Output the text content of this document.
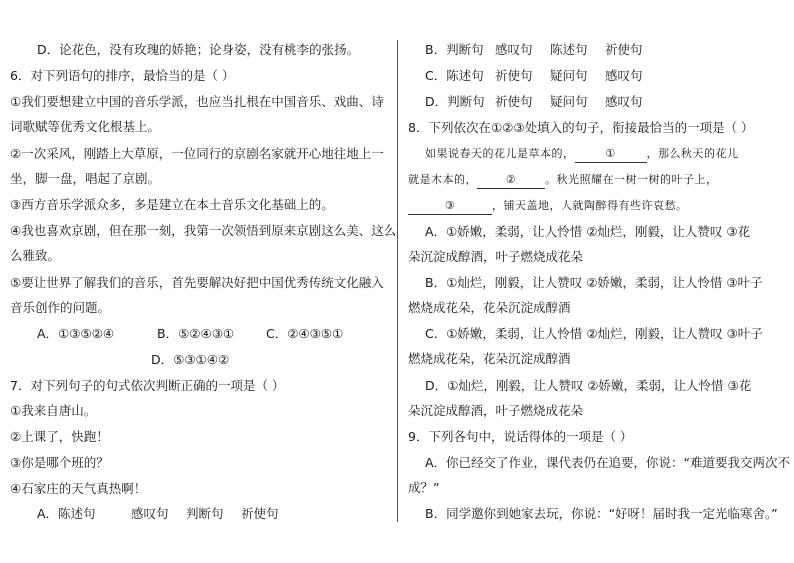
D．论花色，没有玫瑰的娇艳；论身姿，没有桃李的张扬。
6．对下列语句的排序，最恰当的是（ ）
①我们要想建立中国的音乐学派，也应当扎根在中国音乐、戏曲、诗
词歌赋等优秀文化根基上。
②一次采风，刚踏上大草原，一位同行的京剧名家就开心地往地上一
坐，脚一盘，唱起了京剧。
③西方音乐学派众多，多是建立在本土音乐文化基础上的。
④我也喜欢京剧，但在那一刻，我第一次领悟到原来京剧这么美、这么
么雅致。
⑤要让世界了解我们的音乐，首先要解决好把中国优秀传统文化融入
音乐创作的问题。
A．①③⑤②④	B．⑤②④③①	C．②④③⑤①
D．⑤③①④②
7．对下列句子的句式依次判断正确的一项是（ ）
①我来自唐山。
②上课了，快跑！
③你是哪个班的？
④石家庄的天气真热啊！
A．陈述句	感叹句 判断句 祈使句
B．判断句 感叹句 陈述句 祈使句
C．陈述句 祈使句 疑问句 感叹句
D．判断句 祈使句 疑问句 感叹句
8．下列依次在①②③处填入的句子，衔接最恰当的一项是（ ）
如果说春天的花儿是草本的，	①	，那么秋天的花儿
就是木本的，	②	。秋光照耀在一树一树的叶子上，
③	，铺天盖地，人就陶醉得有些许哀愁。
A．①娇嫩，柔弱，让人怜惜 ②灿烂，刚毅，让人赞叹 ③花
朵沉淀成醇酒，叶子燃烧成花朵
B．①灿烂，刚毅，让人赞叹 ②娇嫩，柔弱，让人怜惜 ③叶子
燃烧成花朵，花朵沉淀成醇酒
C．①娇嫩，柔弱，让人怜惜 ②灿烂，刚毅，让人赞叹 ③叶子
燃烧成花朵，花朵沉淀成醇酒
D．①灿烂，刚毅，让人赞叹 ②娇嫩，柔弱，让人怜惜 ③花
朵沉淀成醇酒，叶子燃烧成花朵
9．下列各句中，说话得体的一项是（ ）
A．你已经交了作业，课代表仍在追要，你说：“难道要我交两次不
成？”
B．同学邀你到她家去玩，你说：“好呀！届时我一定光临寒舍。”
